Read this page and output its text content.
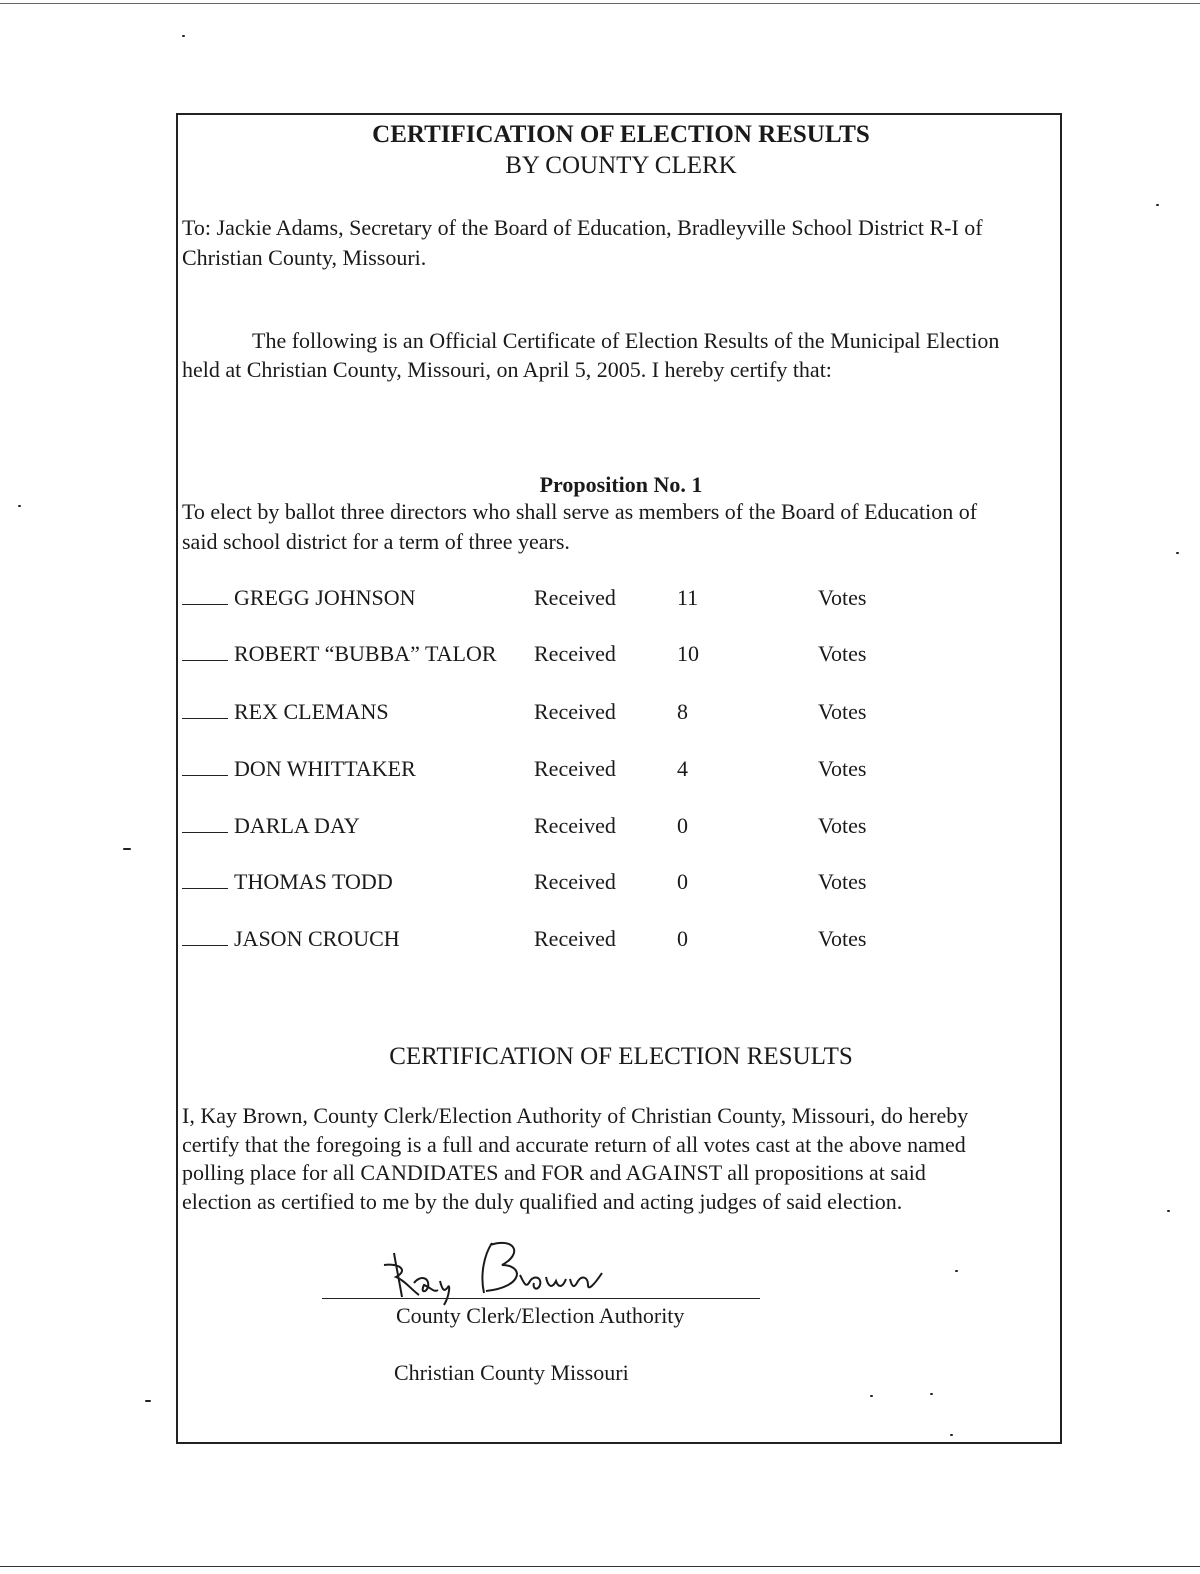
CERTIFICATION OF ELECTION RESULTS
BY COUNTY CLERK
To: Jackie Adams, Secretary of the Board of Education, Bradleyville School District R-I of
Christian County, Missouri.
The following is an Official Certificate of Election Results of the Municipal Election
held at Christian County, Missouri, on April 5, 2005. I hereby certify that:
Proposition No. 1
To elect by ballot three directors who shall serve as members of the Board of Education of
said school district for a term of three years.
GREGG JOHNSON	Received	11	Votes
ROBERT “BUBBA” TALOR Received	10	Votes
REX CLEMANS	Received	8	Votes
DON WHITTAKER	Received	4	Votes
DARLA DAY	Received	0	Votes
THOMAS TODD	Received	0	Votes
JASON CROUCH	Received	0	Votes
CERTIFICATION OF ELECTION RESULTS
I, Kay Brown, County Clerk/Election Authority of Christian County, Missouri, do hereby
certify that the foregoing is a full and accurate return of all votes cast at the above named
polling place for all CANDIDATES and FOR and AGAINST all propositions at said
election as certified to me by the duly qualified and acting judges of said election.
County Clerk/Election Authority
Christian County Missouri
